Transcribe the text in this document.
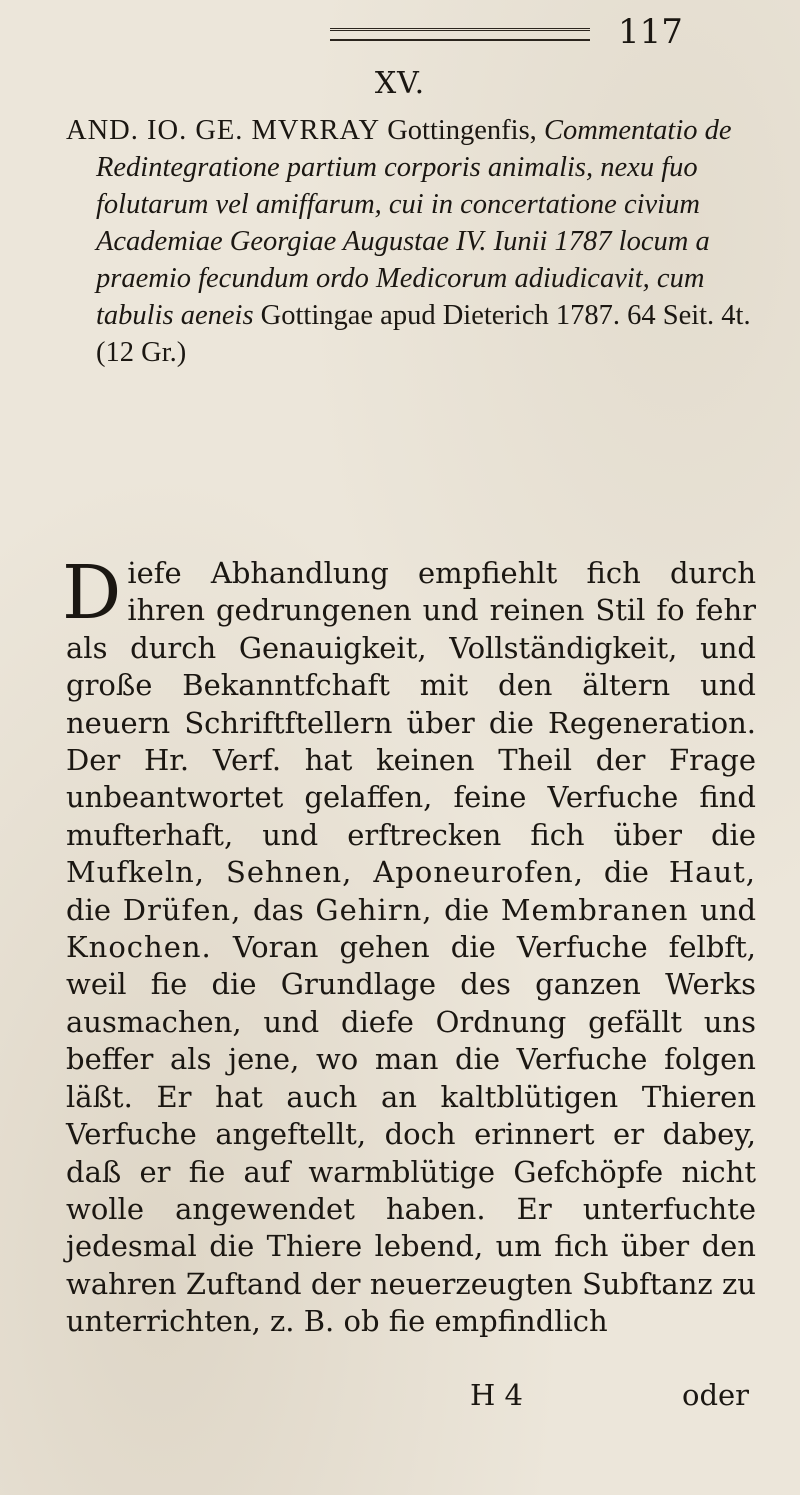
117
XV.

AND. IO. GE. MVRRAY Gottingenfis, Commentatio de Redintegratione partium corporis animalis, nexu fuo folutarum vel amiffarum, cui in concertatione civium Academiae Georgiae Augustae IV. Iunii 1787 locum a praemio fecundum ordo Medicorum adiudicavit, cum tabulis aeneis Gottingae apud Dieterich 1787. 64 Seit. 4t. (12 Gr.)

Diefe Abhandlung empfiehlt fich durch ihren gedrungenen und reinen Stil fo fehr als durch Genauigkeit, Vollständigkeit, und große Bekanntfchaft mit den ältern und neuern Schriftftellern über die Regeneration. Der Hr. Verf. hat keinen Theil der Frage unbeantwortet gelaffen, feine Verfuche find mufterhaft, und erftrecken fich über die Mufkeln, Sehnen, Aponeurofen, die Haut, die Drüfen, das Gehirn, die Membranen und Knochen. Voran gehen die Verfuche felbft, weil fie die Grundlage des ganzen Werks ausmachen, und diefe Ordnung gefällt uns beffer als jene, wo man die Verfuche folgen läßt. Er hat auch an kaltblütigen Thieren Verfuche angeftellt, doch erinnert er dabey, daß er fie auf warmblütige Gefchöpfe nicht wolle angewendet haben. Er unterfuchte jedesmal die Thiere lebend, um fich über den wahren Zuftand der neuerzeugten Subftanz zu unterrichten, z. B. ob fie empfindlich

H 4	oder
